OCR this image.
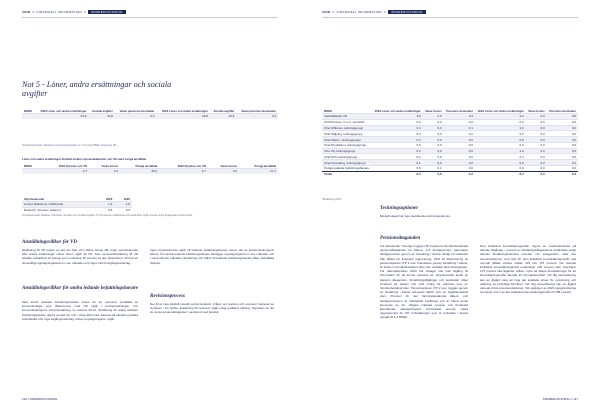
VINN // FINANSIELL INFORMATION //	ÅRSREDOVISNING
Not 5 - Löner, andra ersättningar och sociala avgifter
MSEK	2023 Löner och andra ersättningar	Sociala avgifter	Varav pensions-kostnader	2022 Löner och andra ersättningar	Sociala avgifter	Varav pensions-kostnader
	33,0	11,8	4,3	29,8	10,9	3,3
Sociala kostnader inkluderar pensionskostnader om 4,3 (3,3) MSEK avseende VD.
Löner och andra ersättningar fördelat mellan styrelseledamöter och VD samt övriga anställda
MSEK	2023 Styrelse och VD	Varav bonus	Övriga anställda	2022 Styrelse och VD	Varav bonus	Övriga anställda
	2,7	0,4	30,3	2,7	0,0	27,1
Styrelsearvode	2023	2022
Leelyn Maksimov, ordförande	1,9	1,8
Daniel R. Jonsson, ledamot	0,5	0,5
Styrelsearvodet fördelas i två delar, arvodet och sociala avgifter. Till styrelsens ordförande och ledamöter utgår arvode enligt bolagsstämmans beslut.
Anställningsvillkor för VD
Ersättning till VD utgörs av fast lön från Vinn Wave Group AB. Inget styrelsearvode eller andra ersättningar utöver lönen utgår till VD. Som pensionsförsäkring till VD betalas månadsvis ett belopp som motsvarar 30 procent av den fasta lönen. VD har ett ömsesidigt uppsägningsavtal om sex månader och ingen rätt till avgångsvederlag.
Anställningsvillkor för andra ledande befattningshavare
Med andra ledande befattningshavare avses de tre personer anställda av koncernbolaget som tillsammans med VD ingår i koncernledningen. För koncernledningens sammansättning se sidorna 40-41. Ersättning till andra ledande befattningshavare utgörs av fast lön och i vissa fall bonus baserat på särskilt uppsatta individuella mål. Inga avgångsvederlag, utöver uppsägningslön, utgår.
Inget styrelsearvode utgår till ledande befattningshavare utöver del av koncernledningens arbete. För andra ledande befattningshavare föreligger uppsägningstid om sex månader och i vissa fall tolv månader. Ersättning och villkor till ledande befattningshavare följer fastställda riktlinjer.
Revisionsprocess
Det finns inga särskilt utsedd revisionsutskott. Frågor om revision och revisorer hanteras av styrelsen i sin helhet. Ersättning till revisorer utgår enligt godkänd räkning. Styrelsen tar del av revisorernas iakttagelser i samband med bokslut.
116 // ÅRSREDOVISNING
VINN // FINANSIELL INFORMATION //	ÅRSREDOVISNING
MSEK	2023 Löner och andra ersättningar	Varav bonus	Pensions-kostnader	2022 Löner och andra ersättningar	Varav bonus	Pensions-kostnader
Verkställande VD	3,8	0,5	0,3	3,2	0,0	0,8
CFO/Finance, fr.o.m. okt 2023	0,9	0,0	0,0	0,0	0,0	0,0
Chef Affärsutv, ledningsgrupp	0,4	0,0	0,1	1,0	0,0	0,0
Chef Säljning, ledningsgrupp	0,4	0,0	0,0	0,2	0,0	0,0
Chef Markn., ledningsgrupp	0,3	0,0	0,0	0,0	0,0	0,0
Chef Produktion, ledningsgrupp	0,5	0,0	0,0	0,3	0,0	0,0
Vice VD, ledningsgrupp	0,3	0,0	0,0	1,0	0,0	0,0
Chef Drift, ledningsgrupp	0,4	0,0	0,0	0,4	0,0	0,0
Chef Utveckling, ledningsgrupp	0,1	0,0	0,0	0,9	0,0	0,0
Övriga ledande befattningshavare	0,8	0,1	0,0	0,9	0,0	0,0
Totalt	8,4	0,6	2,2	8,4	0,0	2,3
*Ersättning 2022
Teckningsoptioner
Moderbolaget har inga utestående teckningsoptioner.
Pensionsåtaganden
För tjänstemän i Sverige tryggas ITP 2-planens förmånsbestämda pensionsåtaganden för ålders- och familjepension (alternativt familjepension) genom en försäkring i Alecta. Enligt ett uttalande från Rådet för finansiell rapportering, UFR 10 Redovisning av pensionsplanen ITP 2 som finansieras genom försäkring i Alecta, är detta en förmånsbestämd plan som omfattar flera arbetsgivare. För räkenskapsåret 2023 har bolaget inte haft tillgång till information för att kunna redovisa sin proportionella andel av planens åtaganden, förvaltningstillgångar och kostnader vilket inneburit att planen inte varit möjlig att redovisa som en förmånsbestämd plan. Pensionsplanen ITP 2 som tryggas genom en försäkring i Alecta redovisas därför som en avgiftsbestämd plan. Premien för den förmånsbestämda ålders- och familjepensionen är individuellt beräknad och är bland annat beroende av lön, tidigare intjänad pension och förväntad återstående tjänstgöringstid. Förväntade premier nästa rapportperiod för ITP 2-försäkringar som är tecknade i Alecta uppgår till 1,2 MSEK.
Den kollektiva konsolideringsnivån utgörs av marknadsvärdet på Alectas tillgångar i procent av försäkringsåtagandena beräknade enligt Alectas försäkringstekniska metoder och antaganden, vilka inte överensstämmer med IAS 19. Den kollektiva konsolideringsnivån ska normalt tillåtas variera mellan 125 och 175 procent. Om Alectas kollektiva konsolideringsnivå understiger 125 procent eller överstiger 175 procent ska åtgärder vidtas i syfte att skapa förutsättningar för att konsolideringsnivån återgår till normalintervallet. Vid låg konsolidering kan en åtgärd vara att höja det avtalade priset för nyteckning och utökning av befintliga förmåner. Vid hög konsolidering kan en åtgärd vara att införa premiereduktioner. Vid utgången av 2023 uppgick Alectas överskott i form av den kollektiva konsolideringsnivån till 158 procent.
ÅRSREDOVISNING // 117
